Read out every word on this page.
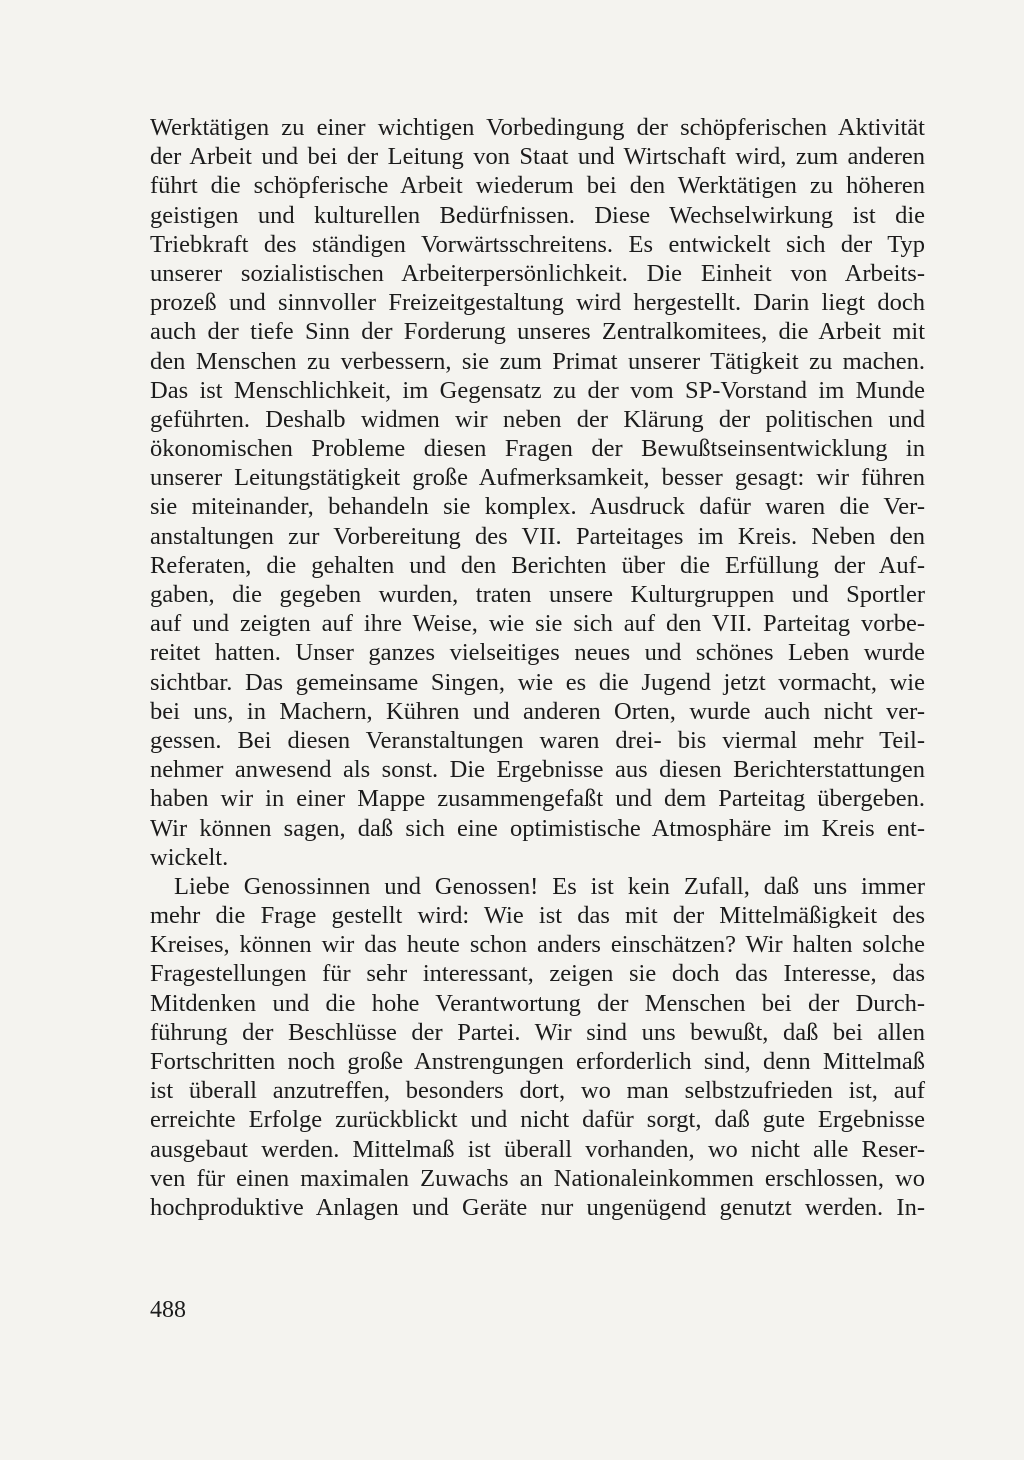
Werktätigen zu einer wichtigen Vorbedingung der schöpferischen Aktivität
der Arbeit und bei der Leitung von Staat und Wirtschaft wird, zum anderen
führt die schöpferische Arbeit wiederum bei den Werktätigen zu höheren
geistigen und kulturellen Bedürfnissen. Diese Wechselwirkung ist die
Triebkraft des ständigen Vorwärtsschreitens. Es entwickelt sich der Typ
unserer sozialistischen Arbeiterpersönlichkeit. Die Einheit von Arbeits-
prozeß und sinnvoller Freizeitgestaltung wird hergestellt. Darin liegt doch
auch der tiefe Sinn der Forderung unseres Zentralkomitees, die Arbeit mit
den Menschen zu verbessern, sie zum Primat unserer Tätigkeit zu machen.
Das ist Menschlichkeit, im Gegensatz zu der vom SP-Vorstand im Munde
geführten. Deshalb widmen wir neben der Klärung der politischen und
ökonomischen Probleme diesen Fragen der Bewußtseinsentwicklung in
unserer Leitungstätigkeit große Aufmerksamkeit, besser gesagt: wir führen
sie miteinander, behandeln sie komplex. Ausdruck dafür waren die Ver-
anstaltungen zur Vorbereitung des VII. Parteitages im Kreis. Neben den
Referaten, die gehalten und den Berichten über die Erfüllung der Auf-
gaben, die gegeben wurden, traten unsere Kulturgruppen und Sportler
auf und zeigten auf ihre Weise, wie sie sich auf den VII. Parteitag vorbe-
reitet hatten. Unser ganzes vielseitiges neues und schönes Leben wurde
sichtbar. Das gemeinsame Singen, wie es die Jugend jetzt vormacht, wie
bei uns, in Machern, Kühren und anderen Orten, wurde auch nicht ver-
gessen. Bei diesen Veranstaltungen waren drei- bis viermal mehr Teil-
nehmer anwesend als sonst. Die Ergebnisse aus diesen Berichterstattungen
haben wir in einer Mappe zusammengefaßt und dem Parteitag übergeben.
Wir können sagen, daß sich eine optimistische Atmosphäre im Kreis ent-
wickelt.
Liebe Genossinnen und Genossen! Es ist kein Zufall, daß uns immer
mehr die Frage gestellt wird: Wie ist das mit der Mittelmäßigkeit des
Kreises, können wir das heute schon anders einschätzen? Wir halten solche
Fragestellungen für sehr interessant, zeigen sie doch das Interesse, das
Mitdenken und die hohe Verantwortung der Menschen bei der Durch-
führung der Beschlüsse der Partei. Wir sind uns bewußt, daß bei allen
Fortschritten noch große Anstrengungen erforderlich sind, denn Mittelmaß
ist überall anzutreffen, besonders dort, wo man selbstzufrieden ist, auf
erreichte Erfolge zurückblickt und nicht dafür sorgt, daß gute Ergebnisse
ausgebaut werden. Mittelmaß ist überall vorhanden, wo nicht alle Reser-
ven für einen maximalen Zuwachs an Nationaleinkommen erschlossen, wo
hochproduktive Anlagen und Geräte nur ungenügend genutzt werden. In-
488
